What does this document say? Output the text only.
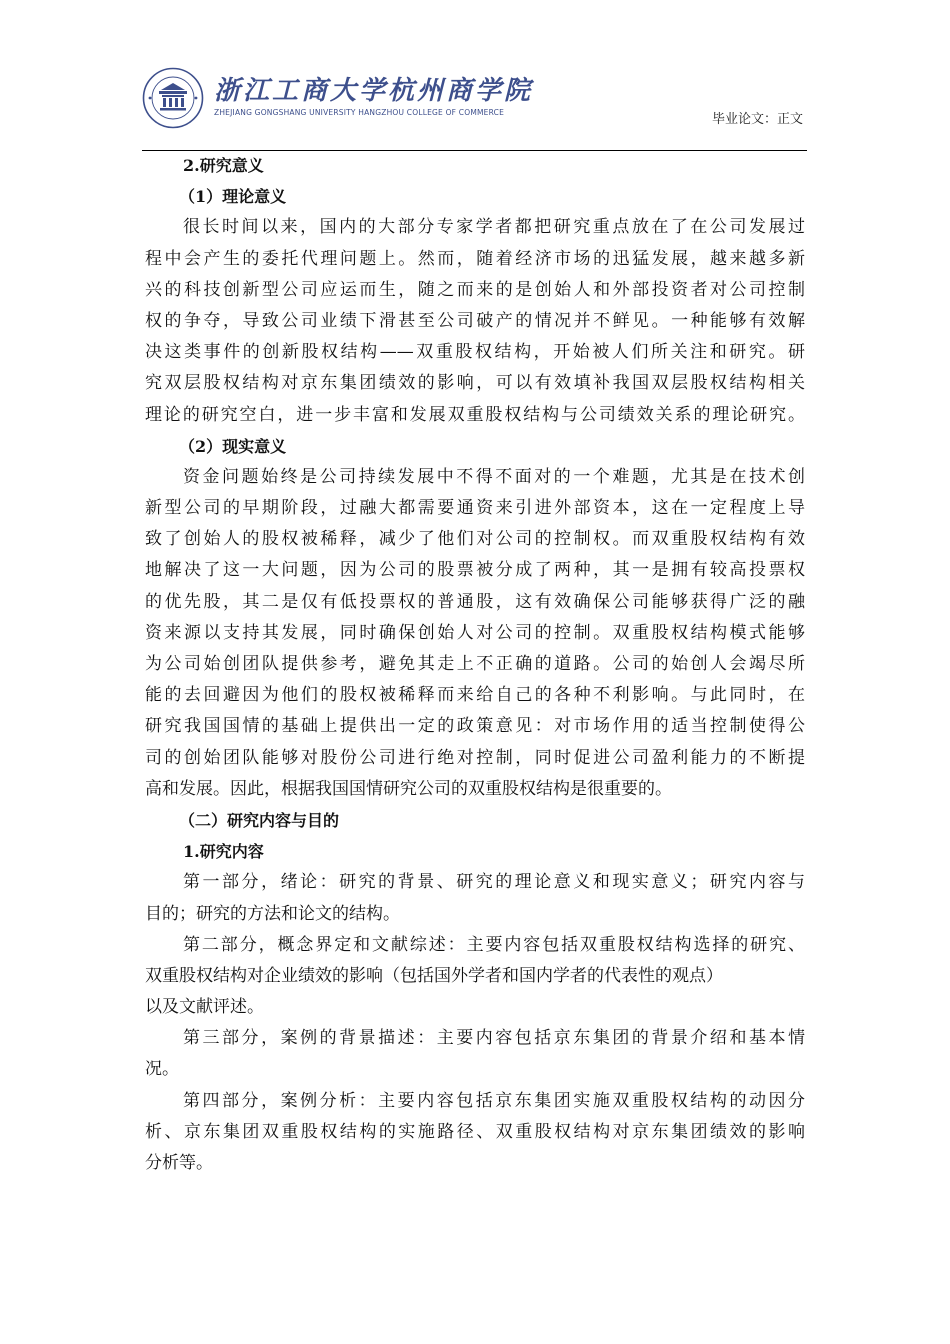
浙江工商大学杭州商学院
ZHEJIANG GONGSHANG UNIVERSITY HANGZHOU COLLEGE OF COMMERCE	毕业论文：正文
2.研究意义
（1）理论意义
很长时间以来，国内的大部分专家学者都把研究重点放在了在公司发展过
程中会产生的委托代理问题上。然而，随着经济市场的迅猛发展，越来越多新
兴的科技创新型公司应运而生，随之而来的是创始人和外部投资者对公司控制
权的争夺，导致公司业绩下滑甚至公司破产的情况并不鲜见。一种能够有效解
决这类事件的创新股权结构——双重股权结构，开始被人们所关注和研究。研
究双层股权结构对京东集团绩效的影响，可以有效填补我国双层股权结构相关
理论的研究空白，进一步丰富和发展双重股权结构与公司绩效关系的理论研究。
（2）现实意义
资金问题始终是公司持续发展中不得不面对的一个难题，尤其是在技术创
新型公司的早期阶段，过融大都需要通资来引进外部资本，这在一定程度上导
致了创始人的股权被稀释，减少了他们对公司的控制权。而双重股权结构有效
地解决了这一大问题，因为公司的股票被分成了两种，其一是拥有较高投票权
的优先股，其二是仅有低投票权的普通股，这有效确保公司能够获得广泛的融
资来源以支持其发展，同时确保创始人对公司的控制。双重股权结构模式能够
为公司始创团队提供参考，避免其走上不正确的道路。公司的始创人会竭尽所
能的去回避因为他们的股权被稀释而来给自己的各种不利影响。与此同时，在
研究我国国情的基础上提供出一定的政策意见：对市场作用的适当控制使得公
司的创始团队能够对股份公司进行绝对控制，同时促进公司盈利能力的不断提
高和发展。因此，根据我国国情研究公司的双重股权结构是很重要的。
（二）研究内容与目的
1.研究内容
第一部分，绪论：研究的背景、研究的理论意义和现实意义；研究内容与
目的；研究的方法和论文的结构。
第二部分，概念界定和文献综述：主要内容包括双重股权结构选择的研究、
双重股权结构对企业绩效的影响（包括国外学者和国内学者的代表性的观点）
以及文献评述。
第三部分，案例的背景描述：主要内容包括京东集团的背景介绍和基本情
况。
第四部分，案例分析：主要内容包括京东集团实施双重股权结构的动因分
析、京东集团双重股权结构的实施路径、双重股权结构对京东集团绩效的影响
分析等。
